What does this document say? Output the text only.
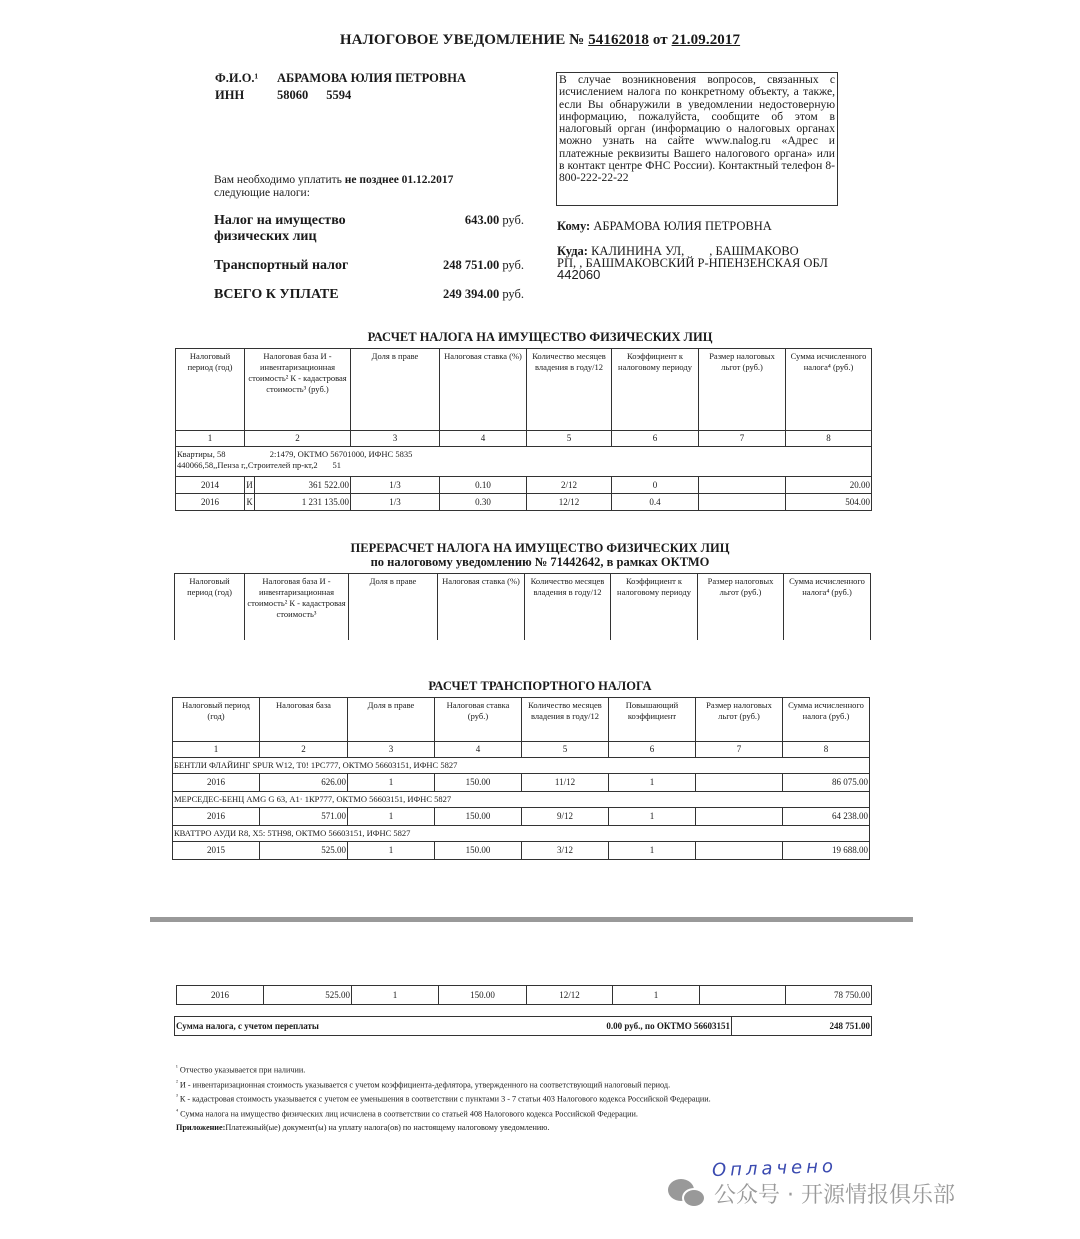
НАЛОГОВОЕ УВЕДОМЛЕНИЕ № 54162018 от 21.09.2017
Ф.И.О.¹ АБРАМОВА ЮЛИЯ ПЕТРОВНА
ИНН	58060 5594
В случае возникновения вопросов, связанных с исчислением налога по конкретному объекту, а также, если Вы обнаружили в уведомлении недостоверную информацию, пожалуйста, сообщите об этом в налоговый орган (информацию о налоговых органах можно узнать на сайте www.nalog.ru «Адрес и платежные реквизиты Вашего налогового органа» или в контакт центре ФНС России). Контактный телефон 8-800-222-22-22
Вам необходимо уплатить не позднее 01.12.2017
следующие налоги:
Налог на имущество физических лиц
643.00 руб.
Транспортный налог	248 751.00 руб.
ВСЕГО К УПЛАТЕ	249 394.00 руб.
Кому: АБРАМОВА ЮЛИЯ ПЕТРОВНА
Куда: КАЛИНИНА УЛ,        , БАШМАКОВО
РП, , БАШМАКОВСКИЙ Р-НПЕНЗЕНСКАЯ ОБЛ
442060
РАСЧЕТ НАЛОГА НА ИМУЩЕСТВО ФИЗИЧЕСКИХ ЛИЦ
Налоговый период (год)	Налоговая база И - инвентаризационная стоимость² К - кадастровая стоимость³ (руб.)		Доля в праве	Налоговая ставка (%)	Количество месяцев владения в году/12	Коэффициент к налоговому периоду	Размер налоговых льгот (руб.)	Сумма исчисленного налога⁴ (руб.)
1	2		3	4	5	6	7	8
Квартиры, 58 2:1479, ОКТМО 56701000, ИФНС 5835
440066,58,,Пенза г,,Строителей пр-кт,2       51								
2014	И	361 522.00	1/3	0.10	2/12	0		20.00
2016	К	1 231 135.00	1/3	0.30	12/12	0.4		504.00
ПЕРЕРАСЧЕТ НАЛОГА НА ИМУЩЕСТВО ФИЗИЧЕСКИХ ЛИЦ
по налоговому уведомлению № 71442642, в рамках ОКТМО
Налоговый период (год)	Налоговая база И - инвентаризационная стоимость² К - кадастровая стоимость³	Доля в праве	Налоговая ставка (%)	Количество месяцев владения в году/12	Коэффициент к налоговому периоду	Размер налоговых льгот (руб.)	Сумма исчисленного налога⁴ (руб.)
РАСЧЕТ ТРАНСПОРТНОГО НАЛОГА
Налоговый период (год)	Налоговая база	Доля в праве	Налоговая ставка (руб.)	Количество месяцев владения в году/12	Повышающий коэффициент	Размер налоговых льгот (руб.)	Сумма исчисленного налога (руб.)
1	2	3	4	5	6	7	8
БЕНТЛИ ФЛАЙИНГ SPUR W12, Т0! 1РС777, ОКТМО 56603151, ИФНС 5827							
2016	626.00	1	150.00	11/12	1		86 075.00
МЕРСЕДЕС-БЕНЦ AMG G 63, А1· 1КР777, ОКТМО 56603151, ИФНС 5827							
2016	571.00	1	150.00	9/12	1		64 238.00
КВАТТРО АУДИ R8, Х5: 5ТН98, ОКТМО 56603151, ИФНС 5827							
2015	525.00	1	150.00	3/12	1		19 688.00
2016	525.00	1	150.00	12/12	1		78 750.00
Сумма налога, с учетом переплаты	0.00 руб., по ОКТМО 56603151	248 751.00
$^{^1}$ Отчество указывается при наличии.
$^{^2}$ И - инвентаризационная стоимость указывается с учетом коэффициента-дефлятора, утвержденного на соответствующий налоговый период.
$^{^3}$ К - кадастровая стоимость указывается с учетом ее уменьшения в соответствии с пунктами 3 - 7 статьи 403 Налогового кодекса Российской Федерации.
$^{^4}$ Сумма налога на имущество физических лиц исчислена в соответствии со статьей 408 Налогового кодекса Российской Федерации.
Приложение:Платежный(ые) документ(ы) на уплату налога(ов) по настоящему налоговому уведомлению.
Оплачено
公众号 · 开源情报俱乐部
